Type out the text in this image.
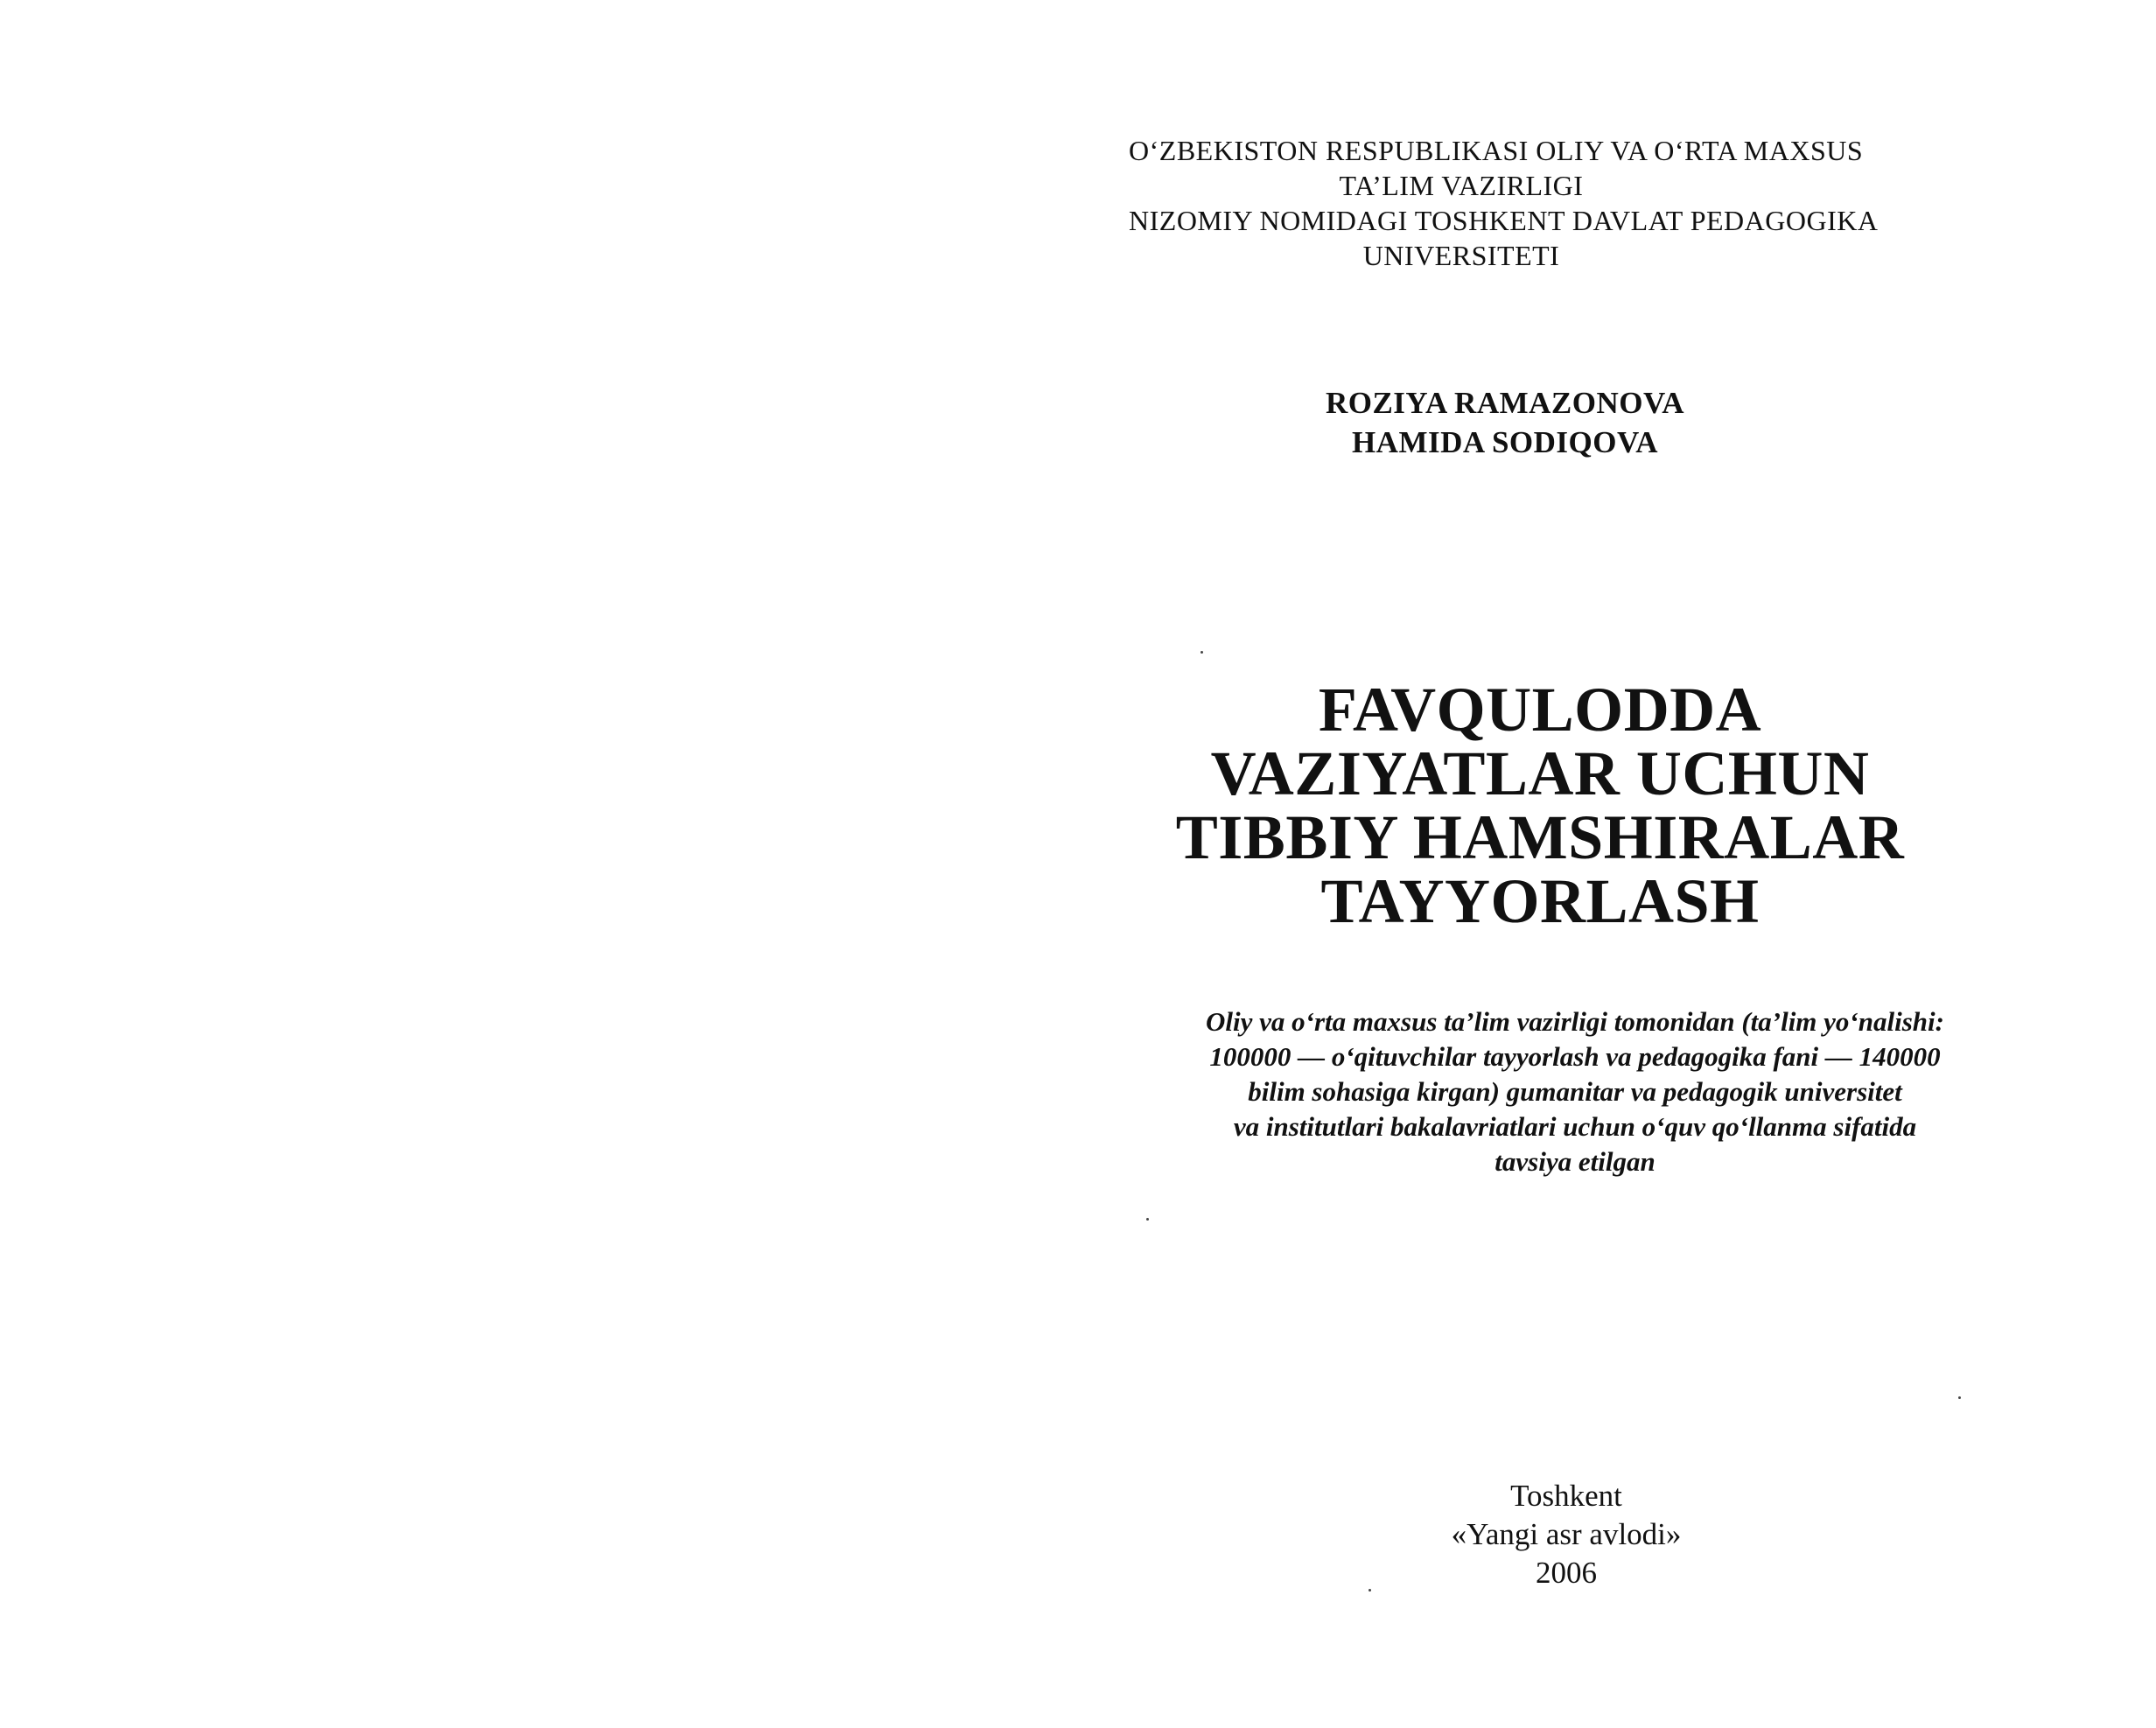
O‘ZBEKISTON RESPUBLIKASI OLIY VA O‘RTA MAXSUS
TA’LIM VAZIRLIGI
NIZOMIY NOMIDAGI TOSHKENT DAVLAT PEDAGOGIKA
UNIVERSITETI
ROZIYA RAMAZONOVA
HAMIDA SODIQOVA
FAVQULODDA
VAZIYATLAR UCHUN
TIBBIY HAMSHIRALAR
TAYYORLASH
Oliy va o‘rta maxsus ta’lim vazirligi tomonidan (ta’lim yo‘nalishi:
100000 — o‘qituvchilar tayyorlash va pedagogika fani — 140000
bilim sohasiga kirgan) gumanitar va pedagogik universitet
va institutlari bakalavriatlari uchun o‘quv qo‘llanma sifatida
tavsiya etilgan
Toshkent
«Yangi asr avlodi»
2006
